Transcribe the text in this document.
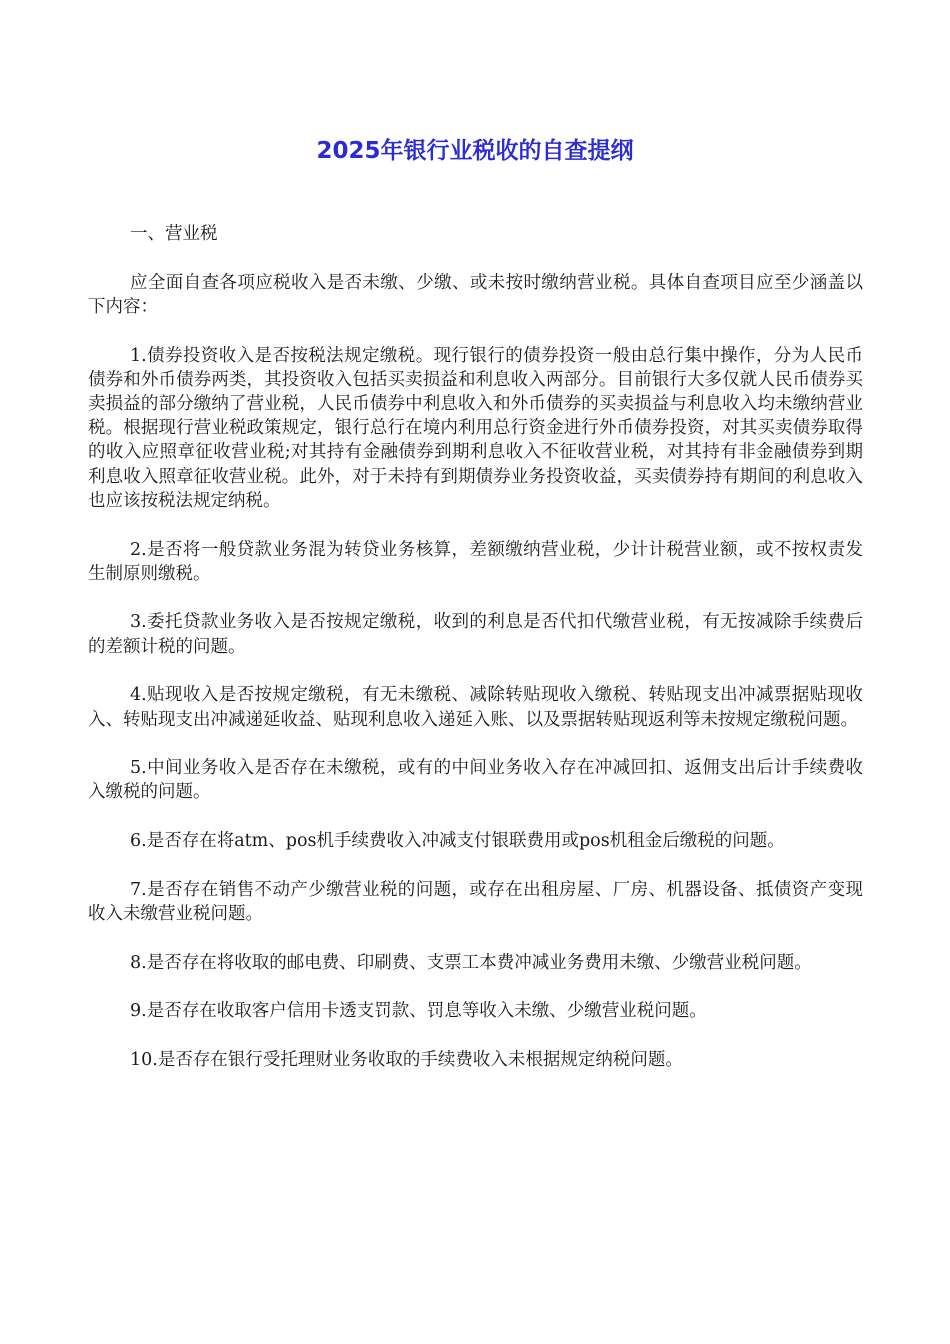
2025年银行业税收的自查提纲

一、营业税

应全面自查各项应税收入是否未缴、少缴、或未按时缴纳营业税。具体自查项目应至少涵盖以下内容：

1.债券投资收入是否按税法规定缴税。现行银行的债券投资一般由总行集中操作，分为人民币债券和外币债券两类，其投资收入包括买卖损益和利息收入两部分。目前银行大多仅就人民币债券买卖损益的部分缴纳了营业税，人民币债券中利息收入和外币债券的买卖损益与利息收入均未缴纳营业税。根据现行营业税政策规定，银行总行在境内利用总行资金进行外币债券投资，对其买卖债券取得的收入应照章征收营业税;对其持有金融债券到期利息收入不征收营业税，对其持有非金融债券到期利息收入照章征收营业税。此外，对于未持有到期债券业务投资收益，买卖债券持有期间的利息收入也应该按税法规定纳税。

2.是否将一般贷款业务混为转贷业务核算，差额缴纳营业税，少计计税营业额，或不按权责发生制原则缴税。

3.委托贷款业务收入是否按规定缴税，收到的利息是否代扣代缴营业税，有无按减除手续费后的差额计税的问题。

4.贴现收入是否按规定缴税，有无未缴税、减除转贴现收入缴税、转贴现支出冲减票据贴现收入、转贴现支出冲减递延收益、贴现利息收入递延入账、以及票据转贴现返利等未按规定缴税问题。

5.中间业务收入是否存在未缴税，或有的中间业务收入存在冲减回扣、返佣支出后计手续费收入缴税的问题。

6.是否存在将atm、pos机手续费收入冲减支付银联费用或pos机租金后缴税的问题。

7.是否存在销售不动产少缴营业税的问题，或存在出租房屋、厂房、机器设备、抵债资产变现收入未缴营业税问题。

8.是否存在将收取的邮电费、印刷费、支票工本费冲减业务费用未缴、少缴营业税问题。

9.是否存在收取客户信用卡透支罚款、罚息等收入未缴、少缴营业税问题。

10.是否存在银行受托理财业务收取的手续费收入未根据规定纳税问题。
